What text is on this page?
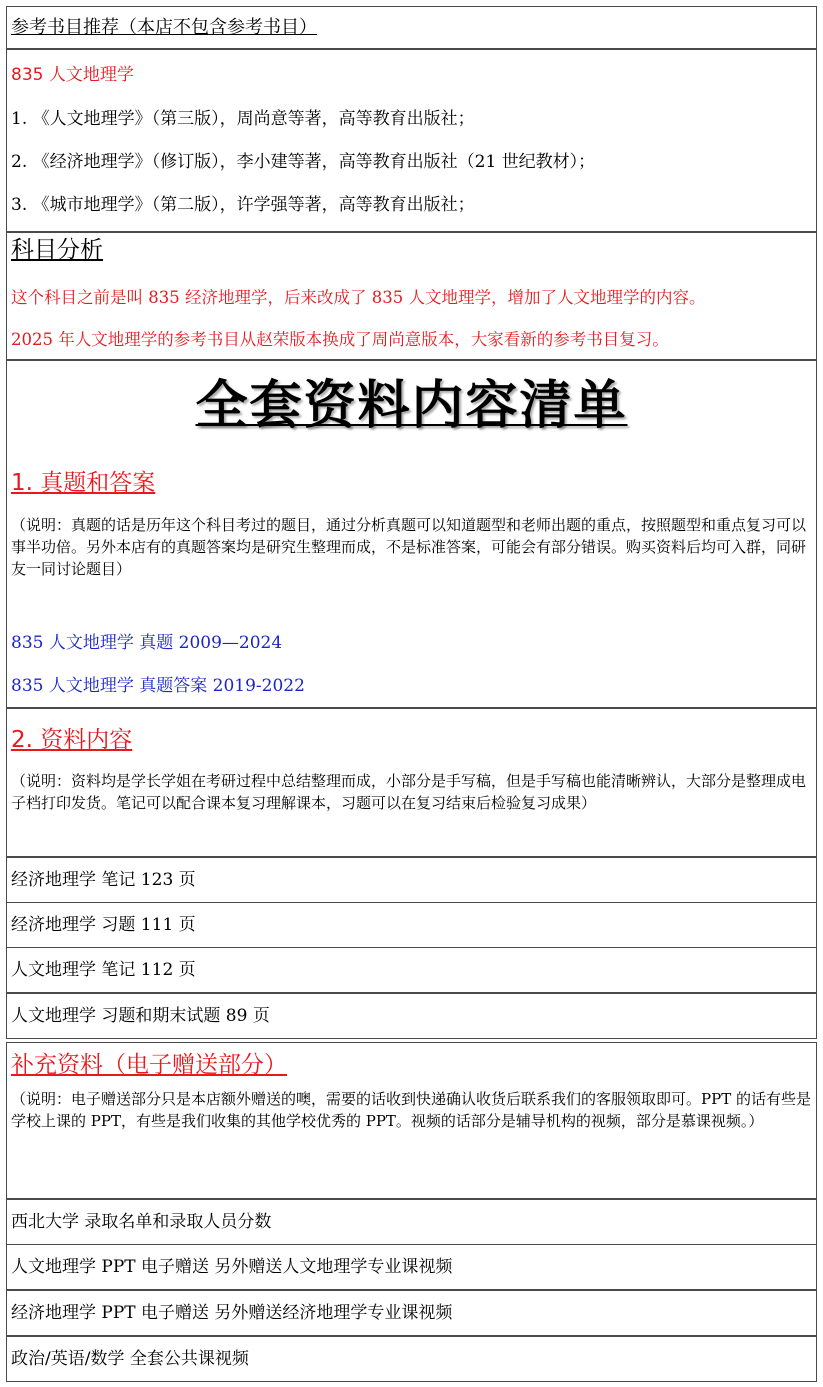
参考书目推荐（本店不包含参考书目）
835 人文地理学
1. 《人文地理学》（第三版），周尚意等著，高等教育出版社；
2. 《经济地理学》（修订版），李小建等著，高等教育出版社（21 世纪教材）；
3. 《城市地理学》（第二版），许学强等著，高等教育出版社；
科目分析
这个科目之前是叫 835 经济地理学，后来改成了 835 人文地理学，增加了人文地理学的内容。
2025 年人文地理学的参考书目从赵荣版本换成了周尚意版本，大家看新的参考书目复习。
全套资料内容清单
1. 真题和答案
（说明：真题的话是历年这个科目考过的题目，通过分析真题可以知道题型和老师出题的重点，按照题型和重点复习可以事半功倍。另外本店有的真题答案均是研究生整理而成，不是标准答案，可能会有部分错误。购买资料后均可入群，同研友一同讨论题目）
835 人文地理学 真题 2009—2024
835 人文地理学 真题答案 2019-2022
2. 资料内容
（说明：资料均是学长学姐在考研过程中总结整理而成，小部分是手写稿，但是手写稿也能清晰辨认，大部分是整理成电子档打印发货。笔记可以配合课本复习理解课本，习题可以在复习结束后检验复习成果）
经济地理学 笔记 123 页
经济地理学 习题 111 页
人文地理学 笔记 112 页
人文地理学 习题和期末试题 89 页
补充资料（电子赠送部分）
（说明：电子赠送部分只是本店额外赠送的噢，需要的话收到快递确认收货后联系我们的客服领取即可。PPT 的话有些是学校上课的 PPT，有些是我们收集的其他学校优秀的 PPT。视频的话部分是辅导机构的视频，部分是慕课视频。）
西北大学 录取名单和录取人员分数
人文地理学 PPT 电子赠送 另外赠送人文地理学专业课视频
经济地理学 PPT 电子赠送 另外赠送经济地理学专业课视频
政治/英语/数学 全套公共课视频
